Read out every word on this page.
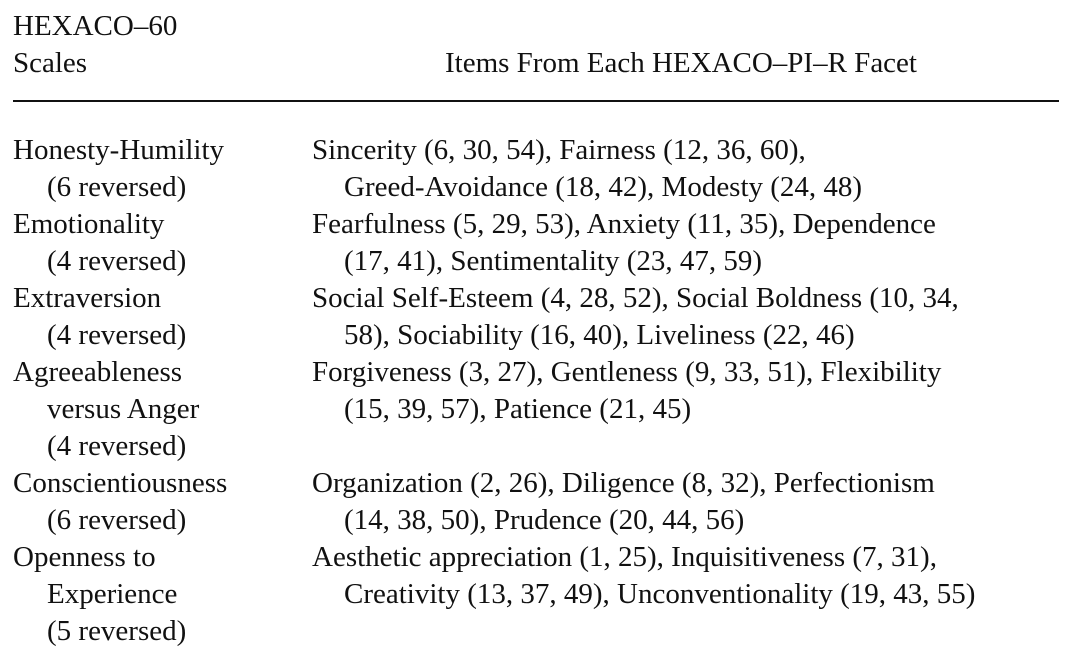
HEXACO–60
Scales	Items From Each HEXACO–PI–R Facet
Honesty-Humility
(6 reversed)
Sincerity (6, 30, 54), Fairness (12, 36, 60),
Greed-Avoidance (18, 42), Modesty (24, 48)
Emotionality
(4 reversed)
Fearfulness (5, 29, 53), Anxiety (11, 35), Dependence
(17, 41), Sentimentality (23, 47, 59)
Extraversion
(4 reversed)
Social Self-Esteem (4, 28, 52), Social Boldness (10, 34,
58), Sociability (16, 40), Liveliness (22, 46)
Agreeableness
versus Anger
(4 reversed)
Forgiveness (3, 27), Gentleness (9, 33, 51), Flexibility
(15, 39, 57), Patience (21, 45)
Conscientiousness
(6 reversed)
Organization (2, 26), Diligence (8, 32), Perfectionism
(14, 38, 50), Prudence (20, 44, 56)
Openness to
Experience
(5 reversed)
Aesthetic appreciation (1, 25), Inquisitiveness (7, 31),
Creativity (13, 37, 49), Unconventionality (19, 43, 55)
